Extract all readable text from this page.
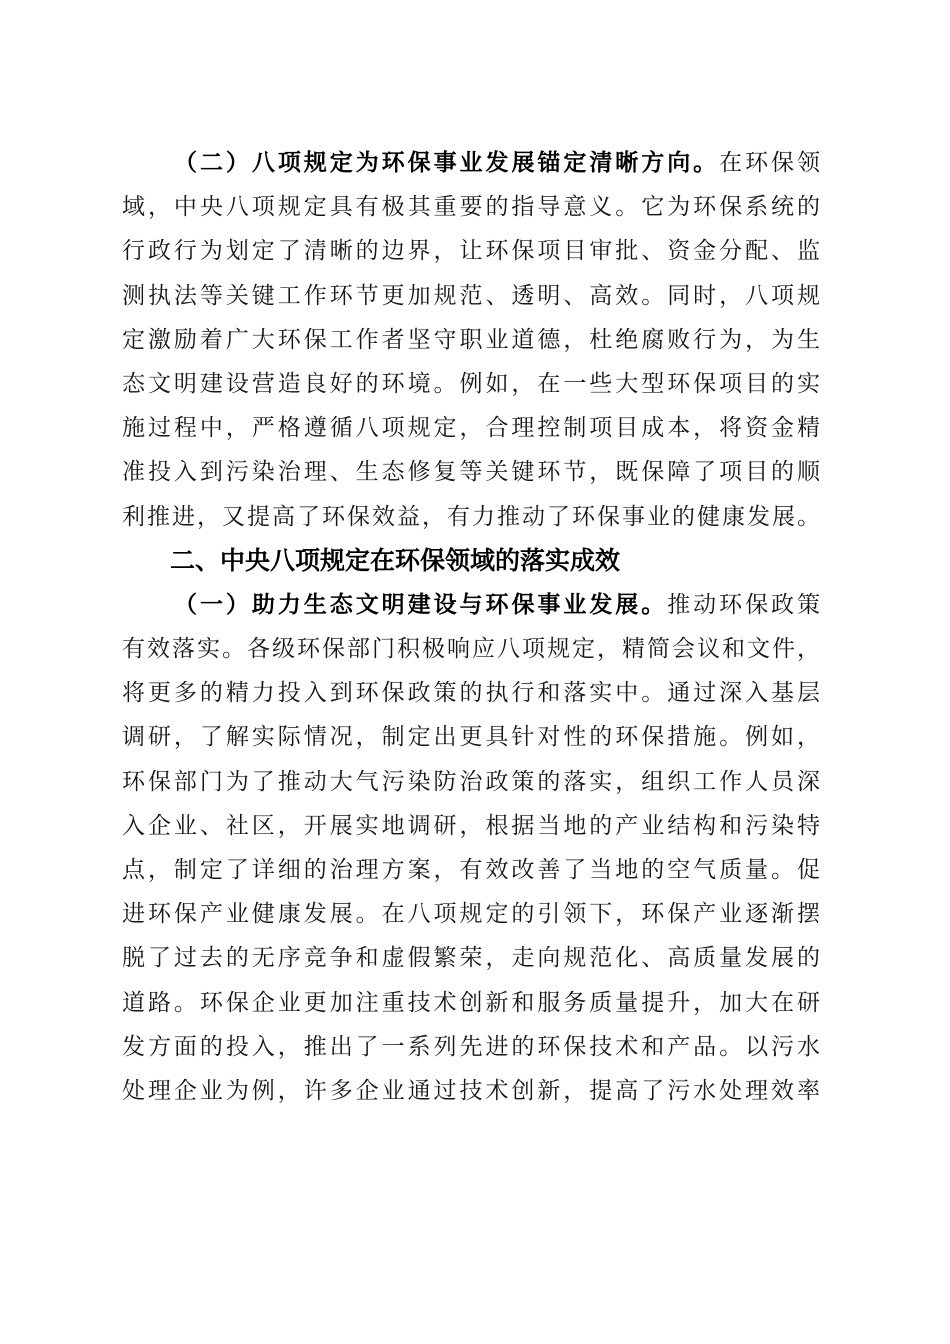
（二）八项规定为环保事业发展锚定清晰方向。在环保领
域，中央八项规定具有极其重要的指导意义。它为环保系统的
行政行为划定了清晰的边界，让环保项目审批、资金分配、监
测执法等关键工作环节更加规范、透明、高效。同时，八项规
定激励着广大环保工作者坚守职业道德，杜绝腐败行为，为生
态文明建设营造良好的环境。例如，在一些大型环保项目的实
施过程中，严格遵循八项规定，合理控制项目成本，将资金精
准投入到污染治理、生态修复等关键环节，既保障了项目的顺
利推进，又提高了环保效益，有力推动了环保事业的健康发展。
二、中央八项规定在环保领域的落实成效
（一）助力生态文明建设与环保事业发展。推动环保政策
有效落实。各级环保部门积极响应八项规定，精简会议和文件，
将更多的精力投入到环保政策的执行和落实中。通过深入基层
调研，了解实际情况，制定出更具针对性的环保措施。例如，
环保部门为了推动大气污染防治政策的落实，组织工作人员深
入企业、社区，开展实地调研，根据当地的产业结构和污染特
点，制定了详细的治理方案，有效改善了当地的空气质量。促
进环保产业健康发展。在八项规定的引领下，环保产业逐渐摆
脱了过去的无序竞争和虚假繁荣，走向规范化、高质量发展的
道路。环保企业更加注重技术创新和服务质量提升，加大在研
发方面的投入，推出了一系列先进的环保技术和产品。以污水
处理企业为例，许多企业通过技术创新，提高了污水处理效率
